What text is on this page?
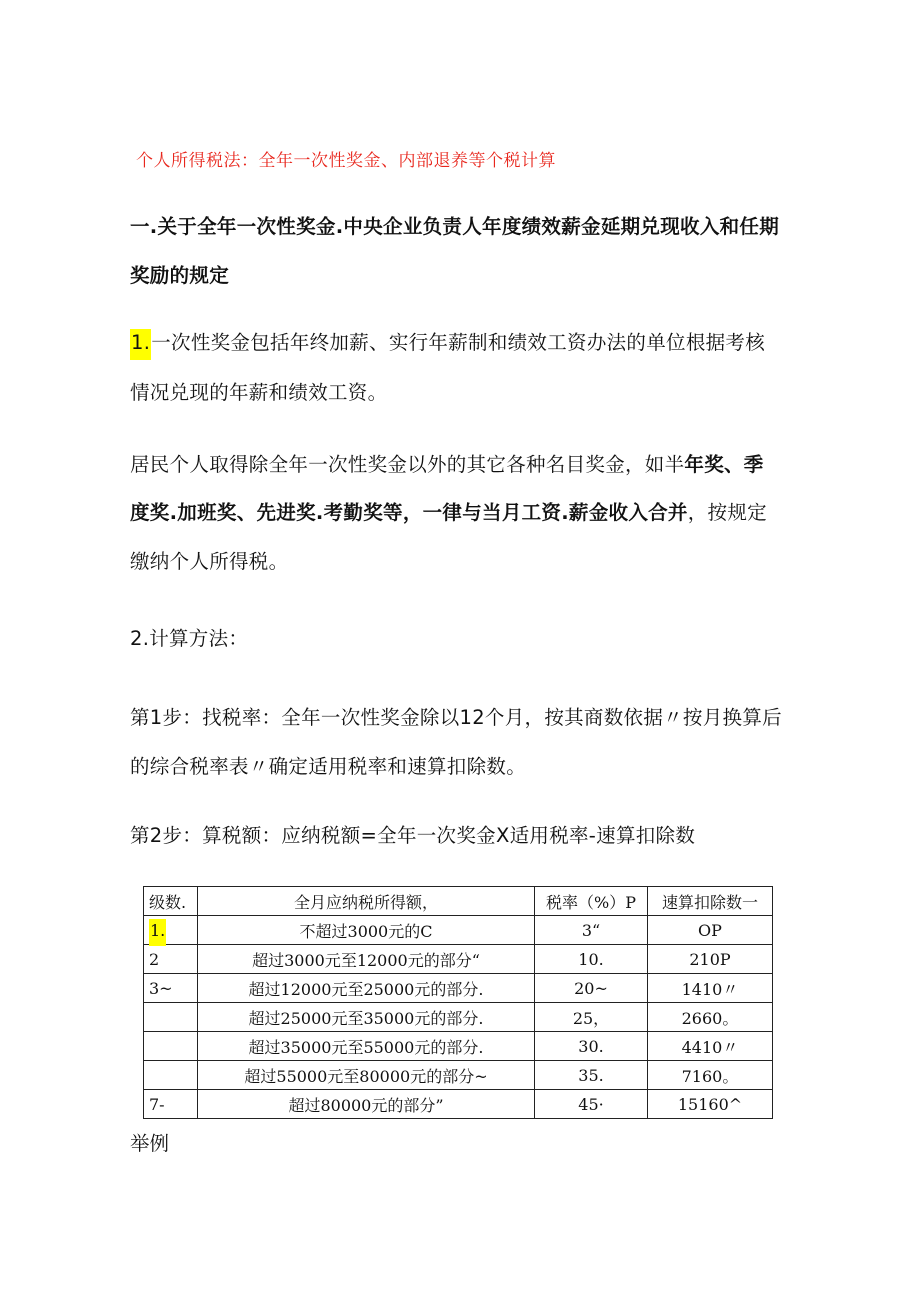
个人所得税法：全年一次性奖金、内部退养等个税计算
一.关于全年一次性奖金.中央企业负责人年度绩效薪金延期兑现收入和任期
奖励的规定
1.一次性奖金包括年终加薪、实行年薪制和绩效工资办法的单位根据考核
情况兑现的年薪和绩效工资。
居民个人取得除全年一次性奖金以外的其它各种名目奖金，如半年奖、季
度奖.加班奖、先进奖.考勤奖等，一律与当月工资.薪金收入合并，按规定
缴纳个人所得税。
2.计算方法：
第1步：找税率：全年一次性奖金除以12个月，按其商数依据〃按月换算后
的综合税率表〃确定适用税率和速算扣除数。
第2步：算税额：应纳税额=全年一次奖金X适用税率-速算扣除数
级数.	全月应纳税所得额，	税率（%）P	速算扣除数一
1.	不超过3000元的C	3“	OP
2	超过3000元至12000元的部分“	10.	210P
3~	超过12000元至25000元的部分.	20~	1410〃
	超过25000元至35000元的部分.	25，	2660。
	超过35000元至55000元的部分.	30.	4410〃
	超过55000元至80000元的部分~	35.	7160。
7-	超过80000元的部分”	45·	15160^
举例
